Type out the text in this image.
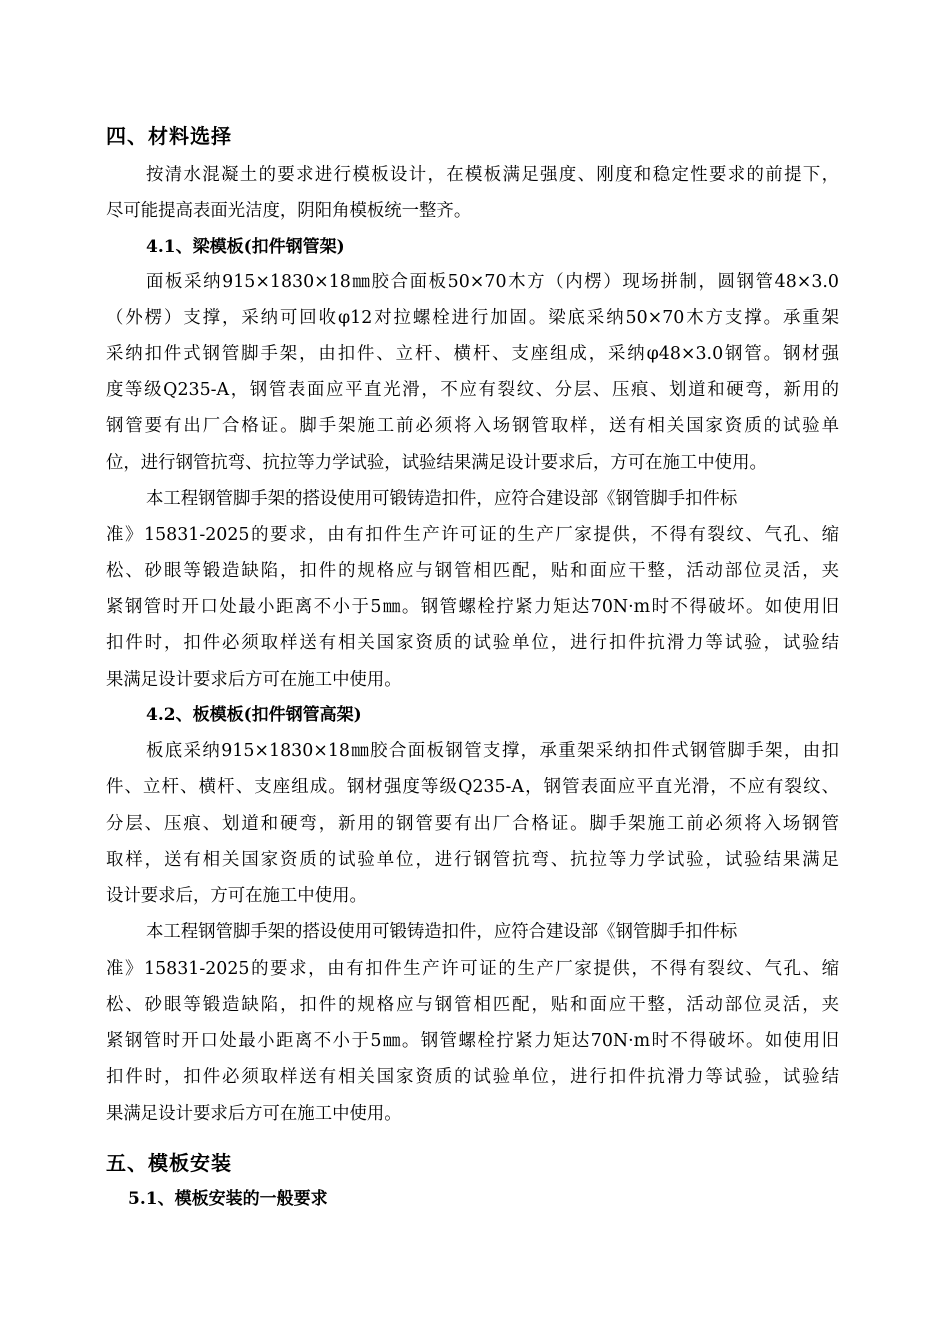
四、材料选择
按清水混凝土的要求进行模板设计，在模板满足强度、刚度和稳定性要求的前提下，
尽可能提高表面光洁度，阴阳角模板统一整齐。
4.1、梁模板(扣件钢管架)
面板采纳915×1830×18㎜胶合面板50×70木方（内楞）现场拼制，圆钢管48×3.0
（外楞）支撑，采纳可回收φ12对拉螺栓进行加固。梁底采纳50×70木方支撑。承重架
采纳扣件式钢管脚手架，由扣件、立杆、横杆、支座组成，采纳φ48×3.0钢管。钢材强
度等级Q235-A，钢管表面应平直光滑，不应有裂纹、分层、压痕、划道和硬弯，新用的
钢管要有出厂合格证。脚手架施工前必须将入场钢管取样，送有相关国家资质的试验单
位，进行钢管抗弯、抗拉等力学试验，试验结果满足设计要求后，方可在施工中使用。
本工程钢管脚手架的搭设使用可锻铸造扣件，应符合建设部《钢管脚手扣件标
准》15831-2025的要求，由有扣件生产许可证的生产厂家提供，不得有裂纹、气孔、缩
松、砂眼等锻造缺陷，扣件的规格应与钢管相匹配，贴和面应干整，活动部位灵活，夹
紧钢管时开口处最小距离不小于5㎜。钢管螺栓拧紧力矩达70N·m时不得破坏。如使用旧
扣件时，扣件必须取样送有相关国家资质的试验单位，进行扣件抗滑力等试验，试验结
果满足设计要求后方可在施工中使用。
4.2、板模板(扣件钢管高架)
板底采纳915×1830×18㎜胶合面板钢管支撑，承重架采纳扣件式钢管脚手架，由扣
件、立杆、横杆、支座组成。钢材强度等级Q235-A，钢管表面应平直光滑，不应有裂纹、
分层、压痕、划道和硬弯，新用的钢管要有出厂合格证。脚手架施工前必须将入场钢管
取样，送有相关国家资质的试验单位，进行钢管抗弯、抗拉等力学试验，试验结果满足
设计要求后，方可在施工中使用。
本工程钢管脚手架的搭设使用可锻铸造扣件，应符合建设部《钢管脚手扣件标
准》15831-2025的要求，由有扣件生产许可证的生产厂家提供，不得有裂纹、气孔、缩
松、砂眼等锻造缺陷，扣件的规格应与钢管相匹配，贴和面应干整，活动部位灵活，夹
紧钢管时开口处最小距离不小于5㎜。钢管螺栓拧紧力矩达70N·m时不得破坏。如使用旧
扣件时，扣件必须取样送有相关国家资质的试验单位，进行扣件抗滑力等试验，试验结
果满足设计要求后方可在施工中使用。
五、模板安装
5.1、模板安装的一般要求
